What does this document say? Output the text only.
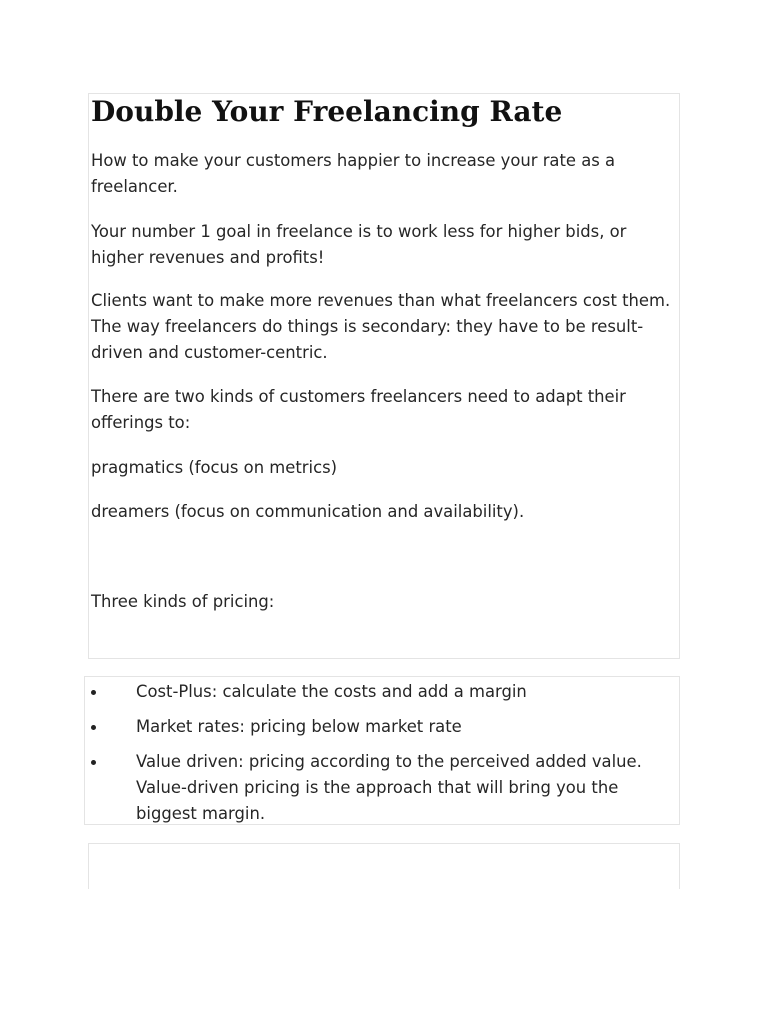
Double Your Freelancing Rate

How to make your customers happier to increase your rate as a freelancer.

Your number 1 goal in freelance is to work less for higher bids, or higher revenues and profits!

Clients want to make more revenues than what freelancers cost them. The way freelancers do things is secondary: they have to be result-driven and customer-centric.

There are two kinds of customers freelancers need to adapt their offerings to:

pragmatics (focus on metrics)

dreamers (focus on communication and availability).

Three kinds of pricing:

Cost-Plus: calculate the costs and add a margin
Market rates: pricing below market rate
Value driven: pricing according to the perceived added value. Value-driven pricing is the approach that will bring you the biggest margin.
